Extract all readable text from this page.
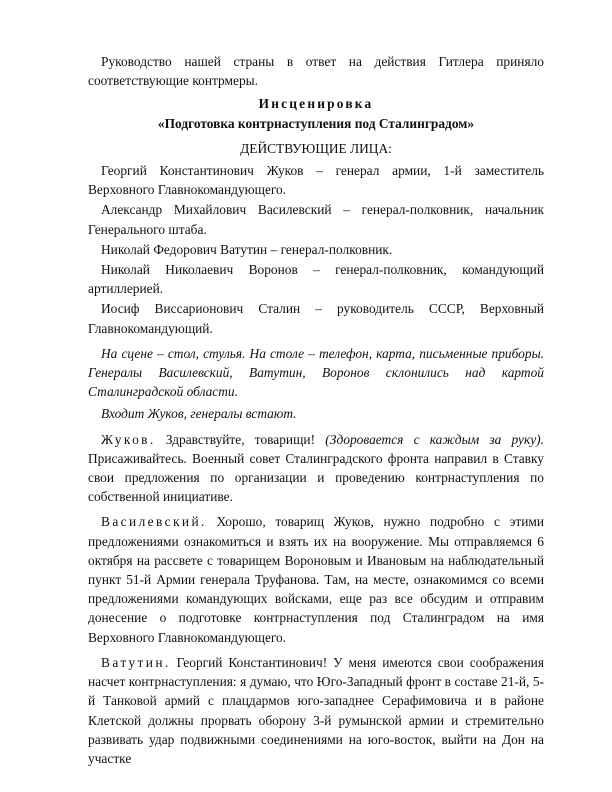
Руководство нашей страны в ответ на действия Гитлера приняло соответствующие контрмеры.

Инсценировка

«Подготовка контрнаступления под Сталинградом»

ДЕЙСТВУЮЩИЕ ЛИЦА:

Георгий Константинович Жуков – генерал армии, 1-й заместитель Верховного Главнокомандующего.

Александр Михайлович Василевский – генерал-полковник, начальник Генерального штаба.

Николай Федорович Ватутин – генерал-полковник.

Николай Николаевич Воронов – генерал-полковник, командующий артиллерией.

Иосиф Виссарионович Сталин – руководитель СССР, Верховный Главнокомандующий.

На сцене – стол, стулья. На столе – телефон, карта, письменные приборы. Генералы Василевский, Ватутин, Воронов склонились над картой Сталинградской области.

Входит Жуков, генералы встают.

Жуков. Здравствуйте, товарищи! (Здоровается с каждым за руку). Присаживайтесь. Военный совет Сталинградского фронта направил в Ставку свои предложения по организации и проведению контрнаступления по собственной инициативе.

Василевский. Хорошо, товарищ Жуков, нужно подробно с этими предложениями ознакомиться и взять их на вооружение. Мы отправляемся 6 октября на рассвете с товарищем Вороновым и Ивановым на наблюдательный пункт 51-й Армии генерала Труфанова. Там, на месте, ознакомимся со всеми предложениями командующих войсками, еще раз все обсудим и отправим донесение о подготовке контрнаступления под Сталинградом на имя Верховного Главнокомандующего.

Ватутин. Георгий Константинович! У меня имеются свои соображения насчет контрнаступления: я думаю, что Юго-Западный фронт в составе 21-й, 5-й Танковой армий с плацдармов юго-западнее Серафимовича и в районе Клетской должны прорвать оборону 3-й румынской армии и стремительно развивать удар подвижными соединениями на юго-восток, выйти на Дон на участке
